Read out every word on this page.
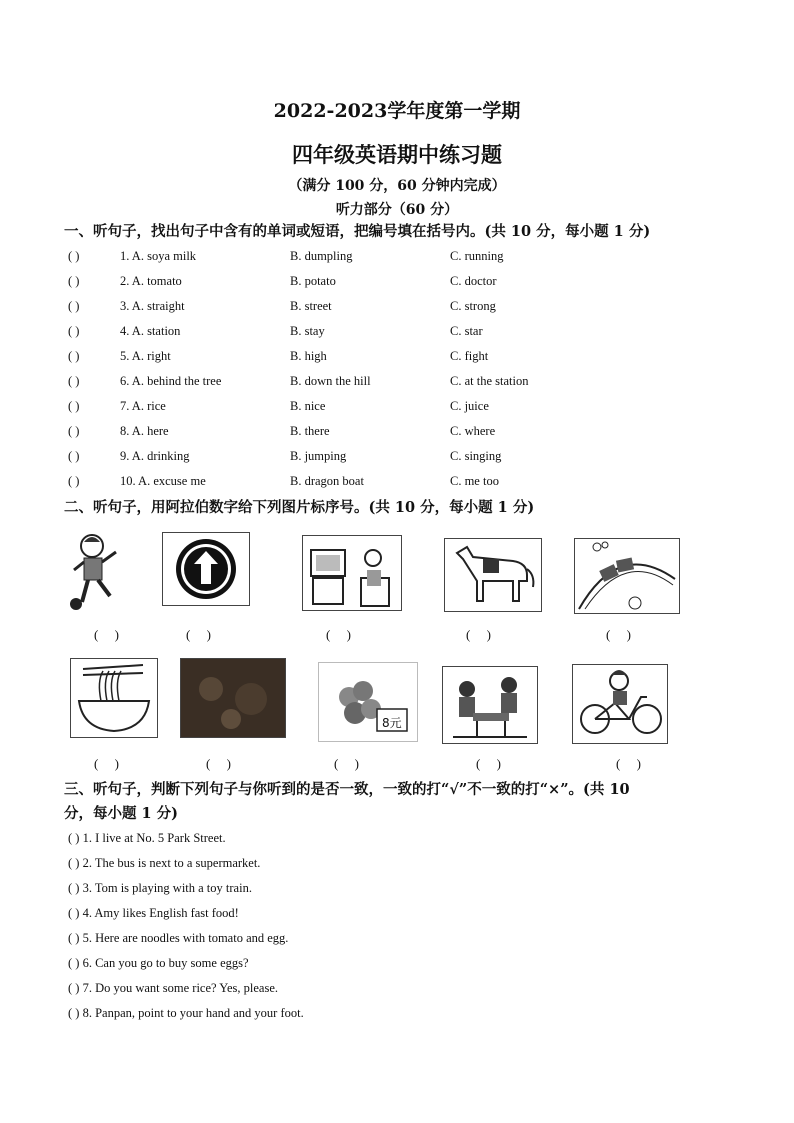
2022-2023学年度第一学期
四年级英语期中练习题
（满分 100 分，60 分钟内完成）
听力部分（60 分）
一、听句子，找出句子中含有的单词或短语，把编号填在括号内。(共 10 分，每小题 1 分)
( )	1. A. soya milk	B. dumpling	C. running
( )	2. A. tomato	B. potato	C. doctor
( )	3. A. straight	B. street	C. strong
( )	4. A. station	B. stay	C. star
( )	5. A. right	B. high	C. fight
( )	6. A. behind the tree	B. down the hill	C. at the station
( )	7. A. rice	B. nice	C. juice
( )	8. A. here	B. there	C. where
( )	9. A. drinking	B. jumping	C. singing
( )	10. A. excuse me	B. dragon boat	C. me too
二、听句子，用阿拉伯数字给下列图片标序号。(共 10 分，每小题 1 分)
(     )	(     )	(     )	(     )	(     )
8元
(     )	(     )	(     )	(     )	(     )
三、听句子，判断下列句子与你听到的是否一致，一致的打“√”不一致的打“×”。(共 10
分，每小题 1 分)
( ) 1. I live at No. 5 Park Street.
( ) 2. The bus is next to a supermarket.
( ) 3. Tom is playing with a toy train.
( ) 4. Amy likes English fast food!
( ) 5. Here are noodles with tomato and egg.
( ) 6. Can you go to buy some eggs?
( ) 7. Do you want some rice? Yes, please.
( ) 8. Panpan, point to your hand and your foot.
